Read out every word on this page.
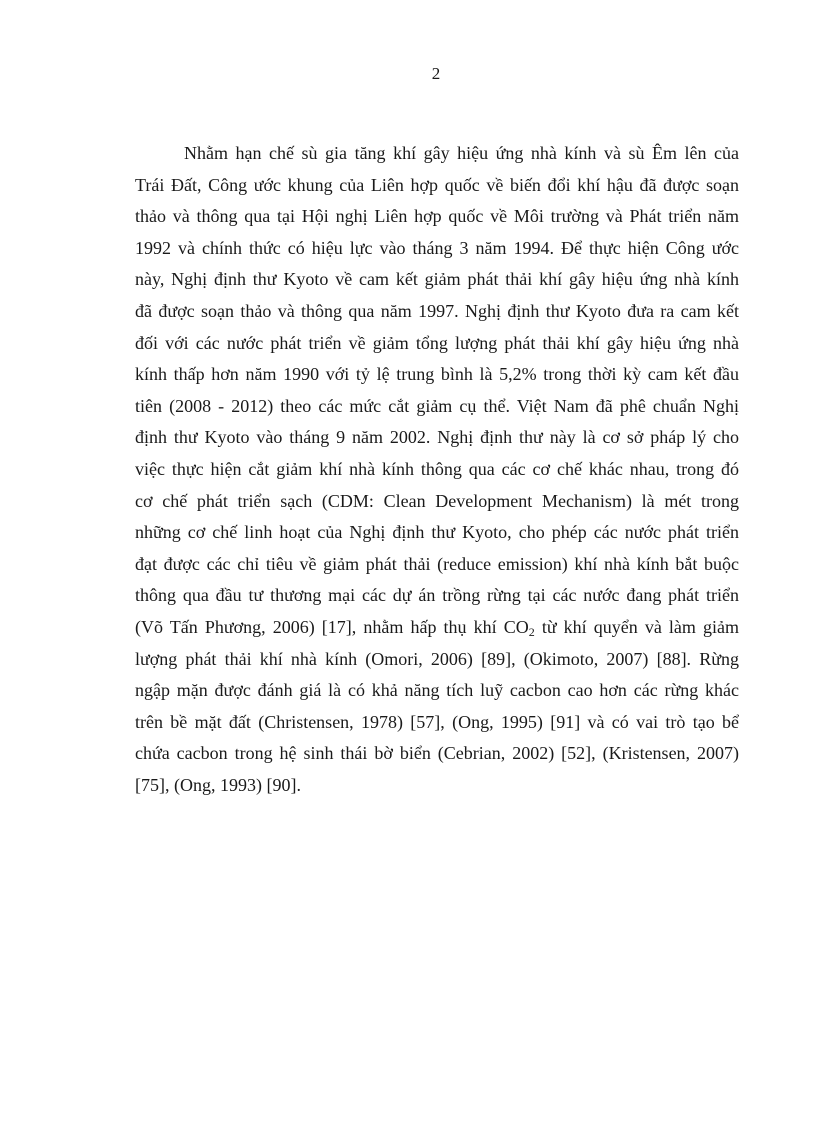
2
Nhằm hạn chế sù gia tăng khí gây hiệu ứng nhà kính và sù Êm lên của
Trái Đất, Công ước khung của Liên hợp quốc về biến đổi khí hậu đã được soạn
thảo và thông qua tại Hội nghị Liên hợp quốc về Môi trường và Phát triển năm
1992 và chính thức có hiệu lực vào tháng 3 năm 1994. Để thực hiện Công ước
này, Nghị định thư Kyoto về cam kết giảm phát thải khí gây hiệu ứng nhà kính
đã được soạn thảo và thông qua năm 1997. Nghị định thư Kyoto đưa ra cam kết
đối với các nước phát triển về giảm tổng lượng phát thải khí gây hiệu ứng nhà
kính thấp hơn năm 1990 với tỷ lệ trung bình là 5,2% trong thời kỳ cam kết đầu
tiên (2008 - 2012) theo các mức cắt giảm cụ thể. Việt Nam đã phê chuẩn Nghị
định thư Kyoto vào tháng 9 năm 2002. Nghị định thư này là cơ sở pháp lý cho
việc thực hiện cắt giảm khí nhà kính thông qua các cơ chế khác nhau, trong đó
cơ chế phát triển sạch (CDM: Clean Development Mechanism) là mét trong
những cơ chế linh hoạt của Nghị định thư Kyoto, cho phép các nước phát triển
đạt được các chỉ tiêu về giảm phát thải (reduce emission) khí nhà kính bắt buộc
thông qua đầu tư thương mại các dự án trồng rừng tại các nước đang phát triển
(Võ Tấn Phương, 2006) [17], nhằm hấp thụ khí $CO_2$ từ khí quyển và làm giảm
lượng phát thải khí nhà kính (Omori, 2006) [89], (Okimoto, 2007) [88]. Rừng
ngập mặn được đánh giá là có khả năng tích luỹ cacbon cao hơn các rừng khác
trên bề mặt đất (Christensen, 1978) [57], (Ong, 1995) [91] và có vai trò tạo bể
chứa cacbon trong hệ sinh thái bờ biển (Cebrian, 2002) [52], (Kristensen, 2007)
[75], (Ong, 1993) [90].
